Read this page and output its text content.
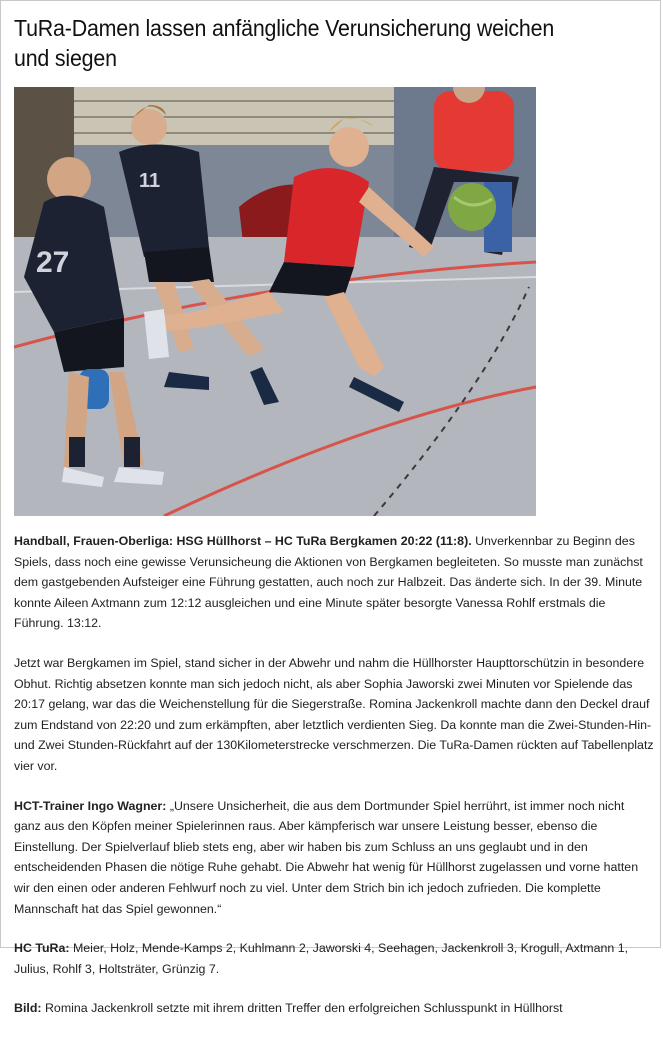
TuRa-Damen lassen anfängliche Verunsicherung weichen und siegen
27
11

Handball, Frauen-Oberliga: HSG Hüllhorst – HC TuRa Bergkamen 20:22 (11:8). Unverkennbar zu Beginn des Spiels, dass noch eine gewisse Verunsicheung die Aktionen von Bergkamen begleiteten. So musste man zunächst dem gastgebenden Aufsteiger eine Führung gestatten, auch noch zur Halbzeit. Das änderte sich. In der 39. Minute konnte Aileen Axtmann zum 12:12 ausgleichen und eine Minute später besorgte Vanessa Rohlf erstmals die Führung. 13:12.

Jetzt war Bergkamen im Spiel, stand sicher in der Abwehr und nahm die Hüllhorster Haupttorschützin in besondere Obhut. Richtig absetzen konnte man sich jedoch nicht, als aber Sophia Jaworski zwei Minuten vor Spielende das 20:17 gelang, war das die Weichenstellung für die Siegerstraße. Romina Jackenkroll machte dann den Deckel drauf zum Endstand von 22:20 und zum erkämpften, aber letztlich verdienten Sieg. Da konnte man die Zwei-Stunden-Hin- und Zwei Stunden-Rückfahrt auf der 130Kilometerstrecke verschmerzen. Die TuRa-Damen rückten auf Tabellenplatz vier vor.

HCT-Trainer Ingo Wagner: „Unsere Unsicherheit, die aus dem Dortmunder Spiel herrührt, ist immer noch nicht ganz aus den Köpfen meiner Spielerinnen raus. Aber kämpferisch war unsere Leistung besser, ebenso die Einstellung. Der Spielverlauf blieb stets eng, aber wir haben bis zum Schluss an uns geglaubt und in den entscheidenden Phasen die nötige Ruhe gehabt. Die Abwehr hat wenig für Hüllhorst zugelassen und vorne hatten wir den einen oder anderen Fehlwurf noch zu viel. Unter dem Strich bin ich jedoch zufrieden. Die komplette Mannschaft hat das Spiel gewonnen.“

HC TuRa: Meier, Holz, Mende-Kamps 2, Kuhlmann 2, Jaworski 4, Seehagen, Jackenkroll 3, Krogull, Axtmann 1, Julius, Rohlf 3, Holtsträter, Grünzig 7.

Bild: Romina Jackenkroll setzte mit ihrem dritten Treffer den erfolgreichen Schlusspunkt in Hüllhorst
